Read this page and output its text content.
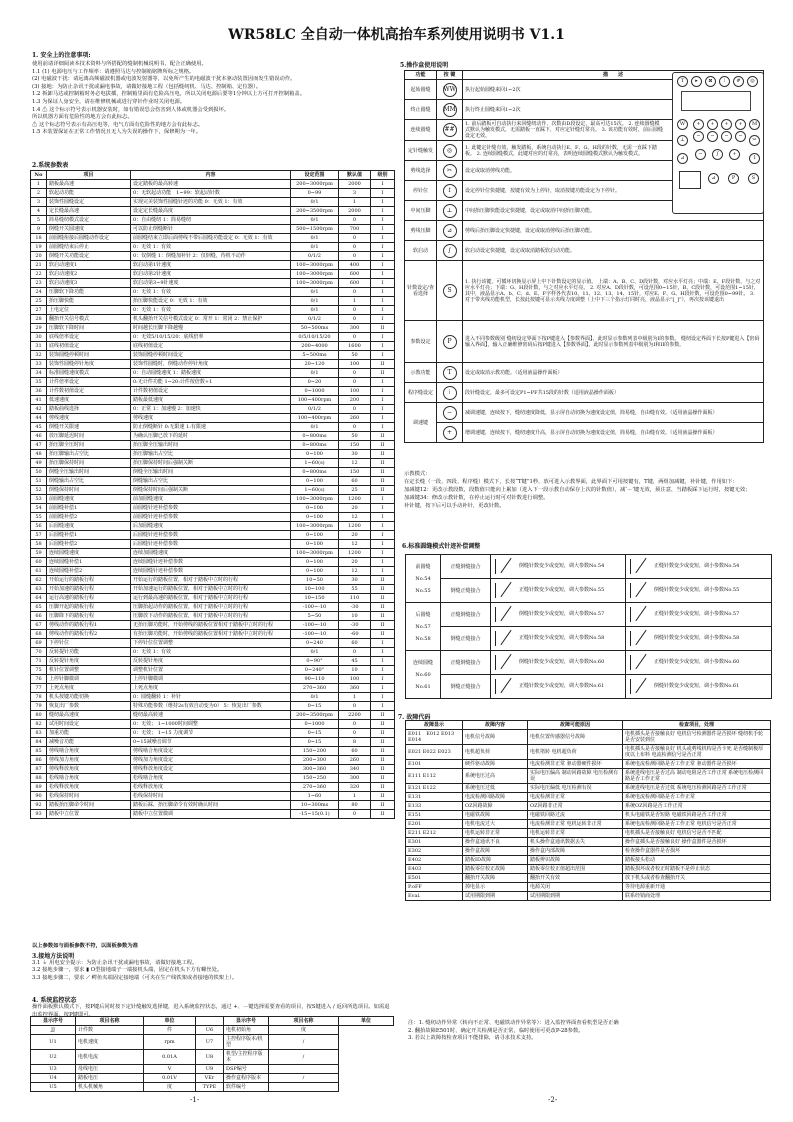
WR58LC 全自动一体机高抬车系列使用说明书 V1.1
1. 安全上的注意事项:
使用前请详细阅读本技术资料与所搭配的缝制机械说明书，配合正确使用。
1.1 (1) 电源电压与工作频率：请遵照马达与控制箱铭牌所标之规格。
(2) 电磁波干扰：请远离高频磁波机器或电波发射器等，以免所产生的电磁波干扰本驱动装置因而发生错误动作。
(3) 接地：为防止杂讯干扰或漏电事故，请做好接地工程（包括缝纫机、马达、控制箱、定位器）。
1.2 拆卸马达或控制箱时务必电拔插，控制箱里面有危险高压电，所以关闭电源后要等1分钟以上方可打开控制箱盖。
1.3 为保证人身安全，请在维修机械或进行穿针作业时关闭电源。
1.4 ⚠ 这个标示符号表示机器安装时，如有错误恐会伤害到人体或机器会受到损坏。
所以机器方面有危险性的地方会有此标志。
⚠ 这个标志符号表示有高压电等，电气方面有危险性的地方会有此标志。
1.5 本装置保证在正常工作情况且无人为失误的操作下，保修期为一年。
2.系统参数表
No	项目	内容	设定范围	默认值	级别
1	踏板最高速	设定踏板的最高转速	200~3000rpm	2000	I
2	软起动功能	0：无软起动功能　1~99：软起动针数	0~99	3	I
3	装饰性圆缝设定	实现完美装饰性圆缝针迹的功能 0：无效 1：有效	0/1	1	I
4	定长缝最高速	设定定长缝最高度	200~3500rpm	2000	I
5	简易缝纫模式设定	0：自由缝纫 1：简易缝纫	0/1	0	I
9	倒缝开关圆速度	可以防止倒缝断针	500~1500rpm	700	I
18	前圆缝衔接后圆缝动作设定	前圆缝结束立即后面剪线不带后圆缝功能设定 0：无效 1：有效	0/1	0	I
19	前圆缝结束后停止	0：无效 1：有效	0/1	0	I
20	倒缝开关功能设定	0：仅倒缝 1：倒缝加补针 2：仅倒缝，待机不动作	0/1/2	0	I
21	软启动速度1	软启动第1针速度	100~3000rpm	400	I
22	软启动速度2	软启动第2针速度	100~3000rpm	600	I
23	软启动速度3	软启动第3~9针速度	100~3000rpm	600	I
24	压脚软下降功能	0：无效 1：有效	0/1	0	I
25	抬压脚快能	抬压脚快能设定 0：无效 1：有效	0/1	1	I
27	上电定位	0：无效 1：有效	0/1	0	I
28	翻抬开关信号模式	机头翻抬开关信号模式设定 0：常开 1：常闭 2：禁止保护	0/1/2	0	I
29	压脚软下降时间	时间越长压脚下降越慢	50~500ms	300	II
30	底线倍率设定	0：无效5/10/15/20：底线倍率	0/5/10/15/20	0	I
31	底线初值设定	底线初值设定	200~4000	1600	I
32	装饰圆缝停顿时间	装饰圆缝停顿时间设定	5~500ms	50	I
33	装饰性圆缝停针角度	装饰性圆缝时，倒缝动作停针角度	20~120	100	II
34	标准圆缝速度模式	0：自动圆缝速度 1：踏板速度	0/1	0	II
35	计件倍率设定	0:无计件功能 1~20:计件按倍数+1	0~20	0	I
36	计件数初值设定	计件数初值设定	0~1000	100	I
41	低速速度	踏板最低速度	100~400rpm	200	I
42	踏板曲线选择	0：正常 1：加速慢 2：加速快	0/1/2	0	I
44	剪线速度	剪线速度	100~400rpm	260	I
45	倒缝开关限速	防止倒缝断针 0:无限速 1:有限速	0/1	0	I
46	放压脚延迟时间	为确认压脚已放下的延时	0~800ms	50	II
47	抬压脚全压时间	抬压脚全压输出时间	0~800ms	150	II
48	抬压脚输出占空比	抬压脚输出占空比	0~100	30	II
49	抬压脚保持时间	抬压脚保持时间后强制关断	1~60(s)	12	II
50	倒缝全压输出时间	倒缝全压输出时间	0~800ms	150	II
51	倒缝输出占空比	倒缝输出占空比	0~100	60	II
52	倒缝保持时间	倒缝保持时间后强制关断	1~60(s)	25	II
53	前圆缝速度	前加圆缝速度	100~3000rpm	1200	I
54	前圆缝补偿1	前圆缝针迹补偿参数	0~100	20	I
55	前圆缝补偿2	前圆缝针迹补偿参数	0~100	12	I
56	后圆缝速度	后加圆缝速度	100~3000rpm	1200	I
57	后圆缝补偿1	后圆缝针迹补偿参数	0~100	20	I
58	后圆缝补偿2	后圆缝针迹补偿参数	0~100	12	I
59	连续圆缝速度	连续加圆缝速度	100~3000rpm	1200	I
60	连续圆缝补偿1	连续圆缝针迹补偿参数	0~100	20	I
61	连续圆缝补偿2	连续圆缝针迹补偿参数	0~100	12	I
62	开始运行的踏板行程	开始运行的踏板位置，相对于踏板中立时的行程	10~50	30	II
63	开始加速的踏板行程	开始加速运行的踏板位置，相对于踏板中立时的行程	10~100	55	II
64	运行高速的踏板行程	运行到最高速的踏板位置，相对于踏板中立时的行程	10~150	110	II
65	压脚开起的踏板行程	压脚抬起动作的踏板位置，相对于踏板中立时的行程	-100~-10	-30	II
66	压脚降下的踏板行程	压脚放下动作的踏板位置，相对于踏板中立时的行程	5~50	10	II
67	剪线动作的踏板行程1	无抬压脚功能时，开始剪线的踏板位置相对于踏板中立时的行程	-100~-10	-30	II
68	剪线动作的踏板行程2	有抬压脚功能时，开始剪线的踏板位置相对于踏板中立时的行程	-100~-10	-60	II
69	下停针位	下停针位位置调整	0~240	60	I
70	反转提针功能	0：无效 1：有效	0/1	0	I
71	反转提针角度	反转提针角度	0~90°	45	I
75	机针位置调整	调整机针位置	0~240°	10	I
76	上停针脚微调	上停针脚微调	90~110	100	I
77	上死点角度	上死点角度	270~360	360	I
78	机头按键功能切换	0：圆缝翻转 1：补针	0/1	1	I
79	恢复出厂参数	特殊功能参数（维持2s有效自动变为0） 5：恢复出厂参数	0~15	0	I
80	缝纫最高速度	缝纫最高转速	200~3500rpm	2200	II
82	试用时间设定	0：无效； 1~1000时间调整	0~1000	0	II
83	加重功能	0：无效； 1~15 力度调节	0~15	0	II
84	减噪音功能	0~15减噪音调节	0~15	8	II
85	剪线啮合角度	剪线啮合角度设定	150~200	60	II
86	剪线加力角度	剪线加力角度设定	200~300	260	II
87	剪线释放角度	剪线释放角度设定	300~360	340	II
88	松线啮合角度	松线啮合角度	150~250	300	II
89	松线释放角度	松线释放角度	270~360	320	II
90	松线保持时间	松线保持时间	1~60	1	II
92	踏板抬压脚命令时间	踏板后踩，抬压脚命令有效时确认时间	10~300ms	80	II
93	踏板中立位置	踏板中立位置微调	-15~15(0.1)	0	II
以上参数如与面板参数不符，以面板参数为准
3.接地方法说明
3.1 ⏚ 用电安全提示：为防止杂讯干扰或漏电事故，请做好接地工程。
3.2 接地步骤一，要求 ▮ O型接地端子一端接机头端，固定在机头下方有螺丝处。
3.3 接地步骤二，要求 ⟋ 鳄鱼夹端固定接地端（可夹在生产线铁架或者接地的铁架上）。
4. 系统监控状态
操作面板默认模式下，按P键后同时按下定针缝触发选择键，进入系统监控状态，通过 +、－键选择需要查看的项目，按S键进入 / 返回所选项目。如需退出监控界面，按P键即可。
显示序号	项目名称	单位		显示序号	项目名称	单位
JJ	计件数	件	U6	电机初始角	度	
U1	电机速度	rpm	U7	主控程序版本/机型	/	
U2	电机电流	0.01A	U8	机型/主控程序版本	/	
U3	母线电压	V	U9	DSP编号		
U4	踏板电压	0.01V	VEr	操作盒程序版本	/	
U5	机头机械角	度	TYPE	软件编号		
-1-
5.操作盒使用说明
功能	按 键	描　　述
起始圆缝	WW	执行起始圆缝来回1~2次
终止圆缝	MM	执行终止圆缝来回1~2次
连续圆缝	##	1. 前后踏板可自动执行来回缝纫动作，次数由D段设定，最高可达15次。 2. 连续圆缝模式默认为触发模式，无需踏板一直踩下，对应定针缝灯常亮。 3. 该功能有效时，前后圆缝设定无效。
定针缝触发	◎	1. 此键定针缝有效，触发踏板，系统自动执行E、F、G、H段的针数，无需一直踩下踏板。 2. 连续圆缝模式，此键对应的灯常亮，表明连续圆缝模式默认为触发模式。
剪线选择	✂	设定或取消剪线功能。
停针位	↕	设定停针位快捷键，按键有效为上停针，取消按键功能设定为下停针。
中间压脚	⊥	中间抬压脚快能设定快捷键，设定或取消中间抬压脚功能。
剪线压脚	⊿	剪线后抬压脚设定快捷键，设定或取消剪线后抬压脚功能。
软启动	∫	软启动设定快捷键，设定或取消踏板软启动功能。
针数设定/查看选择	S	1. 执行该键，可循环切换显示屏上中下针数设定的显示值。 上端：A、B、C、D段针数，对应水平灯亮；中端：E、F段针数，与之对应水平灯亮；下端：G、H段针数，与之对应水平灯亮。 2. 对应A、D段针数，可设范围0~15针，B、C段针数，可设范围1~15针，其中，液晶显示A、b、C、d、E、F字样各代表10、11、12、13、14、15针，对应E、F、G、H段针数，可设范围0~99针。 3. 对于带夹线功能机型，长按此按键可显示夹线力度调整（上中下三个指示灯同时亮，液晶显示“[_]”），再次按该键退出
参数设定	P	进入不同参数级别 缝纫设定界面下按P键进入【参数界面】，此时显示参数列表中级别为I的参数。 缝纫设定界面下长按P键进入【密码输入界面】，输入正确维修密码后按P键进入【参数界面】，此时显示参数列表中级别为I和II的参数。
示教功能	T	设定或取消示教功能。（适用液晶操作面板）
程序缝设定	⁞	段针缝设定，最多可设定P1~PF共15段的针数（适用液晶操作面板）
调速键	−	减调速键，连续按下，缝纫速度降低，显示屏自动切换为速度设定值，简易缝，自由缝有效。（适用液晶操作面板）
	+	增调速键，连续按下，缝纫速度升高，显示屏自动切换为速度设定值，简易缝，自由缝有效。（适用液晶操作面板）
T	▸	⊠	⁞	#	◎
W	+	+	+	+	M
⊥
−	−	−	−
✂
⊿
−	∫	+
↕
⊿	P	S
示教模式：
在定长缝（一段、四段、程序缝）模式下，长按“T键”1秒，放可进入示教界面，此界面下可用按键有，T键，两组加减键，补针键，作用如下：
加减键12：更改示教段数，段数值只能向上累加（进入下一段示教自动保存上次的针数值），减‘－’键无效，须注意，当踏板踩下运行时，按键无效；
加减键34：修改示教针数，在停止运行时可对针数进行调整。
补针键，按下后可以手动补针，更改针数。
6.标准圆缝模式针迹补偿调整
前圆缝
No.54
No.55	正缝倒缝接合	倒缝针数变少或变短，调大参数No.54	正缝针数变少或变短，调小参数No.54
	倒缝正缝接合	正缝针数变少或变短，调大参数No.55	倒缝针数变少或变短，调小参数No.55

后圆缝
No.57
No.58	正缝倒缝接合	倒缝针数变少或变短，调大参数No.57	正缝针数变少或变短，调小参数No.57
	倒缝正缝接合	正缝针数变少或变短，调大参数No.58	倒缝针数变少或变短，调小参数No.58

连续圆缝
No.60
No.61	正缝倒缝接合	倒缝针数变少或变短，调大参数No.60	正缝针数变少或变短，调小参数No.60
	倒缝正缝接合	正缝针数变少或变短，调大参数No.61	倒缝针数变少或变短，调小参数No.61
7. 故障代码
故障显示	故障内容	故障可能原因	检查项目，处理
E011　E012 E013　E014	电机信号故障	电机位置传感器信号故障	电机插头是否接触良好 电机信号检测器件是否损坏 缝纫机手轮是否安装到位
E021 E022 E023	电机超负荷	电机堵转 电机超负荷	电机插头是否接触良好 机头或剪线机构是否卡死 是否缝制极厚度以上布料 电流检测信号是否正常
E101	硬件驱动故障	电流检测非正常 驱动器硬件损坏	系统电流检测回路是否工作正常 驱动器件是否损坏
E111 E112	系统电压过高	实际电压偏高 制动回路故障 电压检测有误	系统进线电压是否过高 制动电阻是否工作正常 系统电压检测回路是否工作正常
E121 E122	系统电压过低	实际电压偏低 电压检测有误	系统进线电压是否过低 系统电压检测回路是否工作正常
E131	电流检测回路故障	电流检测非正常	系统电流检测回路是否工作正常
E133	OZ回路故障	OZ回路非正常	系统OZ回路是否工作正常
E151	电磁铁故障	电磁铁回路过流	机头电磁铁是否短路 电磁铁回路是否工作正常
E201	电机电流过大	电流检测非正常 电机运转非正常	系统电流检测回路是否工作正常 电机信号是否正常
E211 E212	电机运转非正常	电机运转非正常	电机插头是否接触良好 电机信号是否不匹配
E301	操作盒通讯不良	机头操作盒通讯数据丢失	操作盒插头是否接触良好 操作盒器件是否损坏
E302	操作盒故障	操作盒内部故障	检查操作盒器件是否损坏
E402	踏板ID故障	踏板辨识故障	踏板接头松动
E403	踏板零位校正故障	踏板零位校正值超出范围	踏板损坏或者校正时踏板不是停止状态
E501	翻抬开关故障	翻抬开关有效	放下机头或者检查翻抬开关
P.oFF	掉电显示	电源关闭	等待电源重新开通
Eval.	试用期限到期	试用期限到期	联系经销商处理
注：1. 缝纫动作异常（转向不正常、电磁铁动作异常等）：进入监控界面查看机型是否正确
2. 翻抬故障E501时，确定开关检测是否正常，临时使用可更改P-28参数。
3. 若以上故障按检查项目不能排除，请寻求技术支持。
-2-
